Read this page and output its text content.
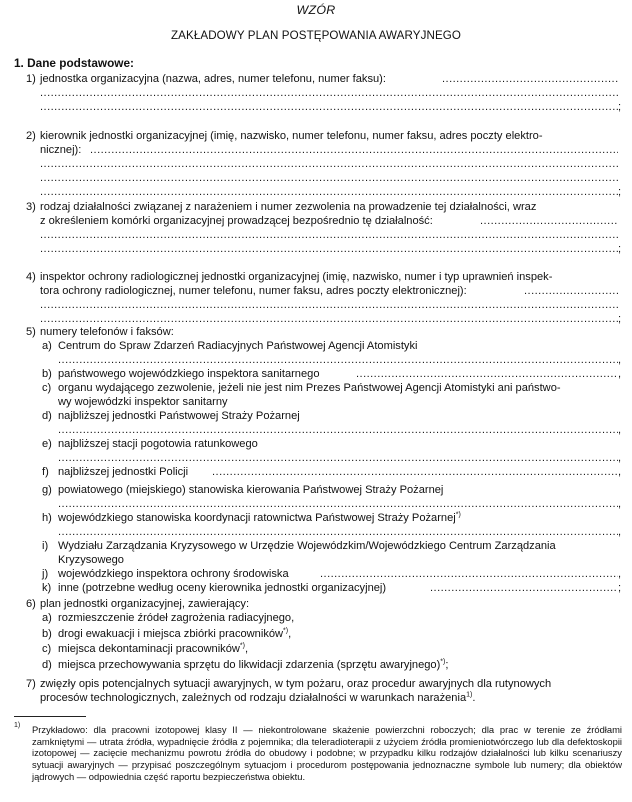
WZÓR
ZAKŁADOWY PLAN POSTĘPOWANIA AWARYJNEGO
1. Dane podstawowe:
1) jednostka organizacyjna (nazwa, adres, numer telefonu, numer faksu):
.....
.....
.....
;
2) kierownik jednostki organizacyjnej (imię, nazwisko, numer telefonu, numer faksu, adres poczty elektro-
nicznej):
.....
.....
.....
.....
;
3) rodzaj działalności związanej z narażeniem i numer zezwolenia na prowadzenie tej działalności, wraz
z określeniem komórki organizacyjnej prowadzącej bezpośrednio tę działalność:
.....
.....
.....
;
4) inspektor ochrony radiologicznej jednostki organizacyjnej (imię, nazwisko, numer i typ uprawnień inspek-
tora ochrony radiologicznej, numer telefonu, numer faksu, adres poczty elektronicznej):
.....
.....
.....
;
5) numery telefonów i faksów:
a) Centrum do Spraw Zdarzeń Radiacyjnych Państwowej Agencji Atomistyki
.....
,
b) państwowego wojewódzkiego inspektora sanitarnego .....	,
c) organu wydającego zezwolenie, jeżeli nie jest nim Prezes Państwowej Agencji Atomistyki ani państwo-
wy wojewódzki inspektor sanitarny
d) najbliższej jednostki Państwowej Straży Pożarnej
.....
,
e) najbliższej stacji pogotowia ratunkowego
.....
,
f) najbliższej jednostki Policji .....	,
g) powiatowego (miejskiego) stanowiska kierowania Państwowej Straży Pożarnej
.....
,
h) wojewódzkiego stanowiska koordynacji ratownictwa Państwowej Straży Pożarnej*)
.....
,
i) Wydziału Zarządzania Kryzysowego w Urzędzie Wojewódzkim/Wojewódzkiego Centrum Zarządzania
Kryzysowego
j) wojewódzkiego inspektora ochrony środowiska .....	,
k) inne (potrzebne według oceny kierownika jednostki organizacyjnej) .....	;
6) plan jednostki organizacyjnej, zawierający:
a) rozmieszczenie źródeł zagrożenia radiacyjnego,
b) drogi ewakuacji i miejsca zbiórki pracowników*),
c) miejsca dekontaminacji pracowników*),
d) miejsca przechowywania sprzętu do likwidacji zdarzenia (sprzętu awaryjnego)*);
7) zwięzły opis potencjalnych sytuacji awaryjnych, w tym pożaru, oraz procedur awaryjnych dla rutynowych
procesów technologicznych, zależnych od rodzaju działalności w warunkach narażenia$^{1)}$.
1)	Przykładowo: dla pracowni izotopowej klasy II — niekontrolowane skażenie powierzchni roboczych; dla prac w terenie ze źródłami zamkniętymi — utrata źródła, wypadnięcie źródła z pojemnika; dla teleradioterapii z użyciem źródła promieniotwórczego lub dla defektoskopii izotopowej — zacięcie mechanizmu powrotu źródła do obudowy i podobne; w przypadku kilku rodzajów działalności lub kilku scenariuszy sytuacji awaryjnych — przypisać poszczególnym sytuacjom i procedurom postępowania jednoznaczne symbole lub numery; dla obiektów jądrowych — odpowiednia część raportu bezpieczeństwa obiektu.
